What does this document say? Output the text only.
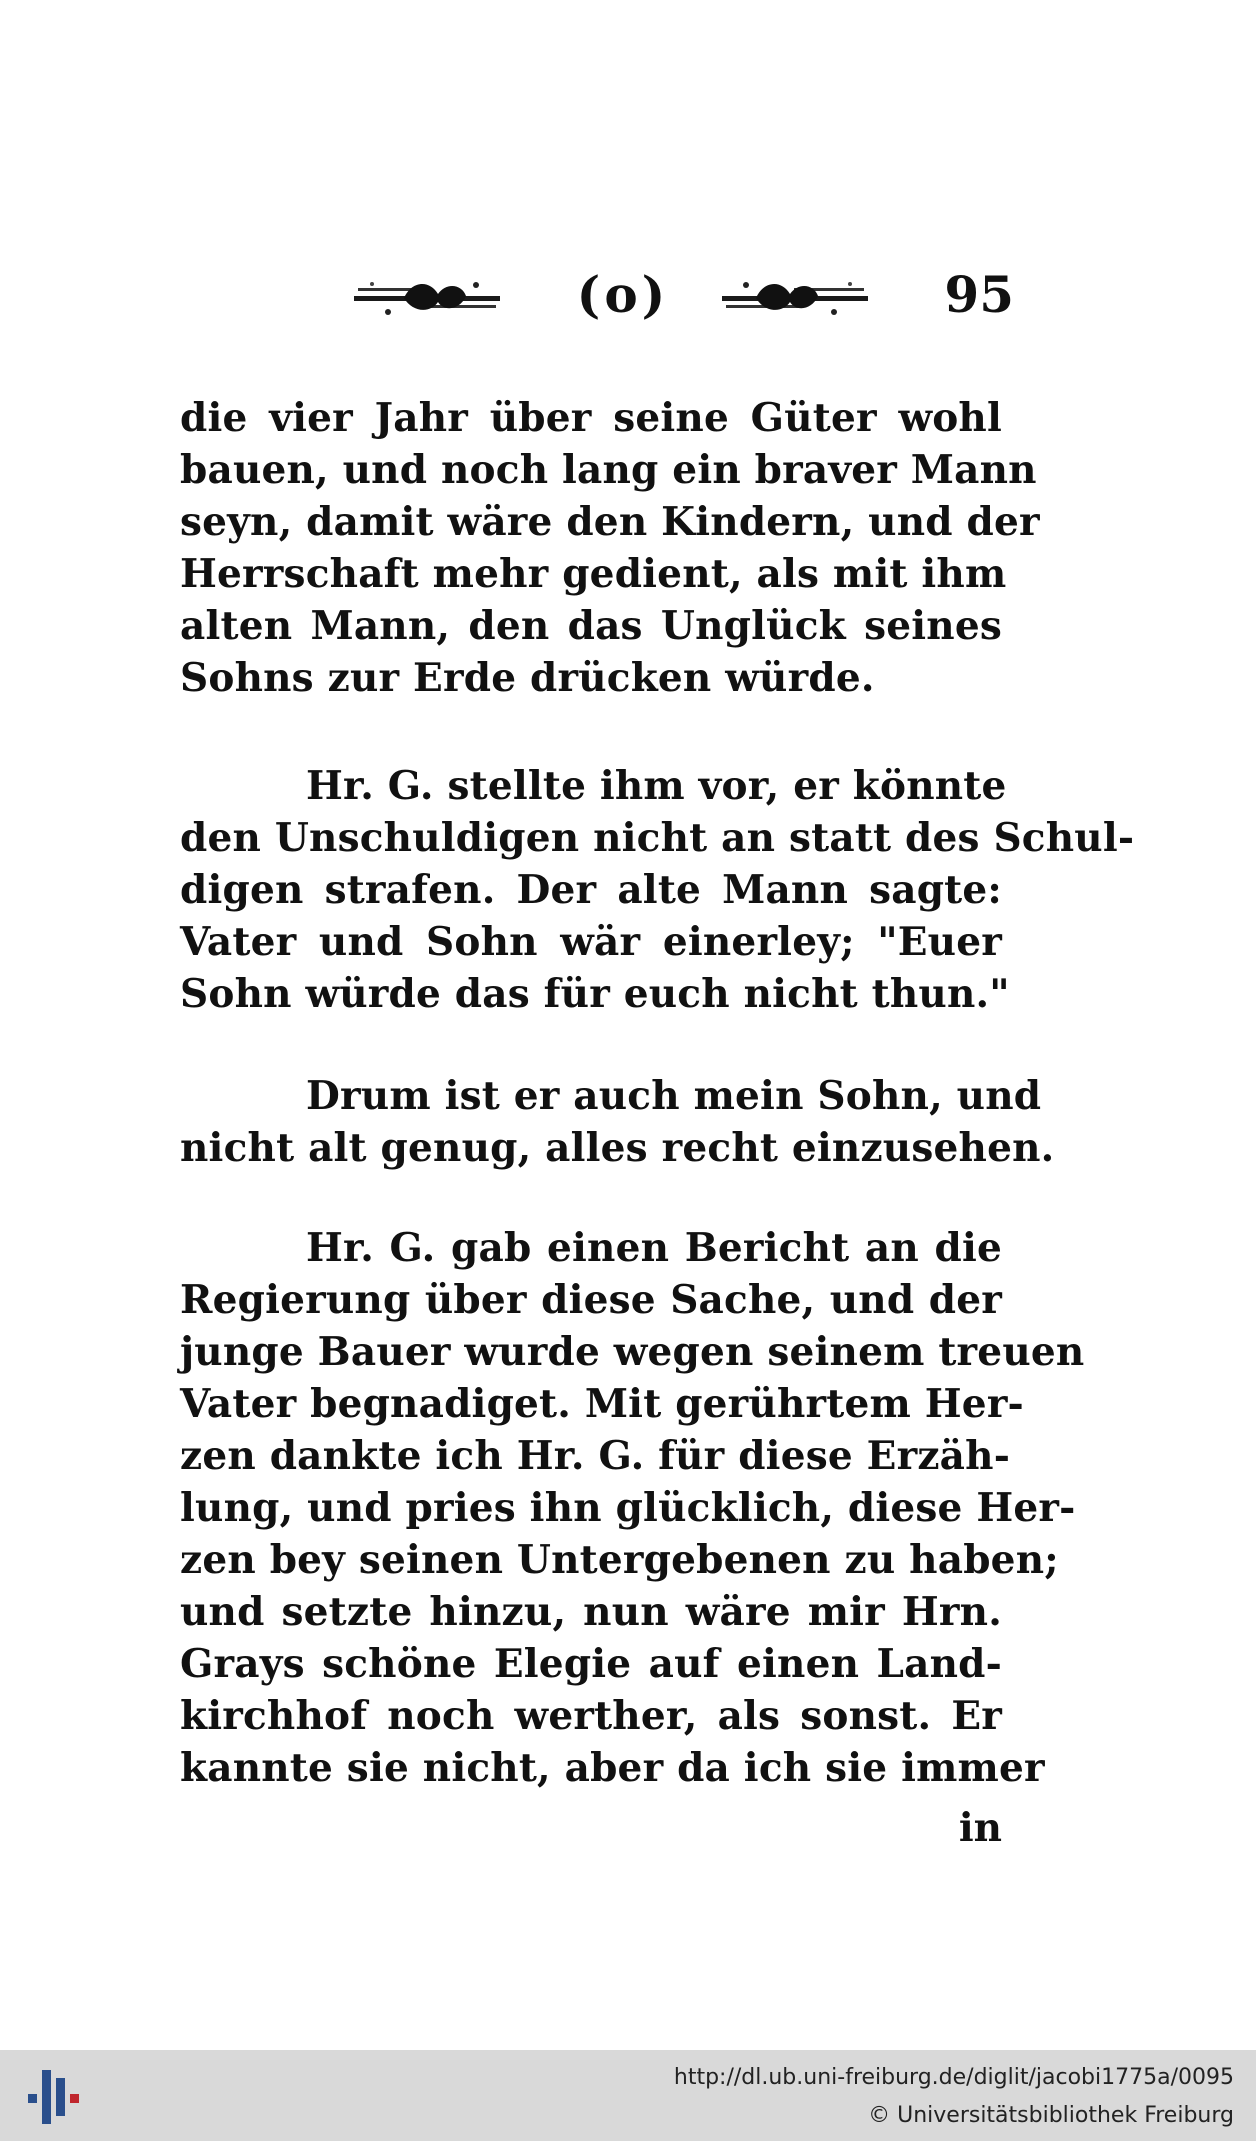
(o)	95
die vier Jahr über seine Güter wohl
bauen, und noch lang ein braver Mann
seyn, damit wäre den Kindern, und der
Herrschaft mehr gedient, als mit ihm
alten Mann, den das Unglück seines
Sohns zur Erde drücken würde.
Hr. G. stellte ihm vor, er könnte
den Unschuldigen nicht an statt des Schul-
digen strafen. Der alte Mann sagte:
Vater und Sohn wär einerley; "Euer
Sohn würde das für euch nicht thun."
Drum ist er auch mein Sohn, und
nicht alt genug, alles recht einzusehen.
Hr. G. gab einen Bericht an die
Regierung über diese Sache, und der
junge Bauer wurde wegen seinem treuen
Vater begnadiget. Mit gerührtem Her-
zen dankte ich Hr. G. für diese Erzäh-
lung, und pries ihn glücklich, diese Her-
zen bey seinen Untergebenen zu haben;
und setzte hinzu, nun wäre mir Hrn.
Grays schöne Elegie auf einen Land-
kirchhof noch werther, als sonst. Er
kannte sie nicht, aber da ich sie immer
in
http://dl.ub.uni-freiburg.de/diglit/jacobi1775a/0095
© Universitätsbibliothek Freiburg
